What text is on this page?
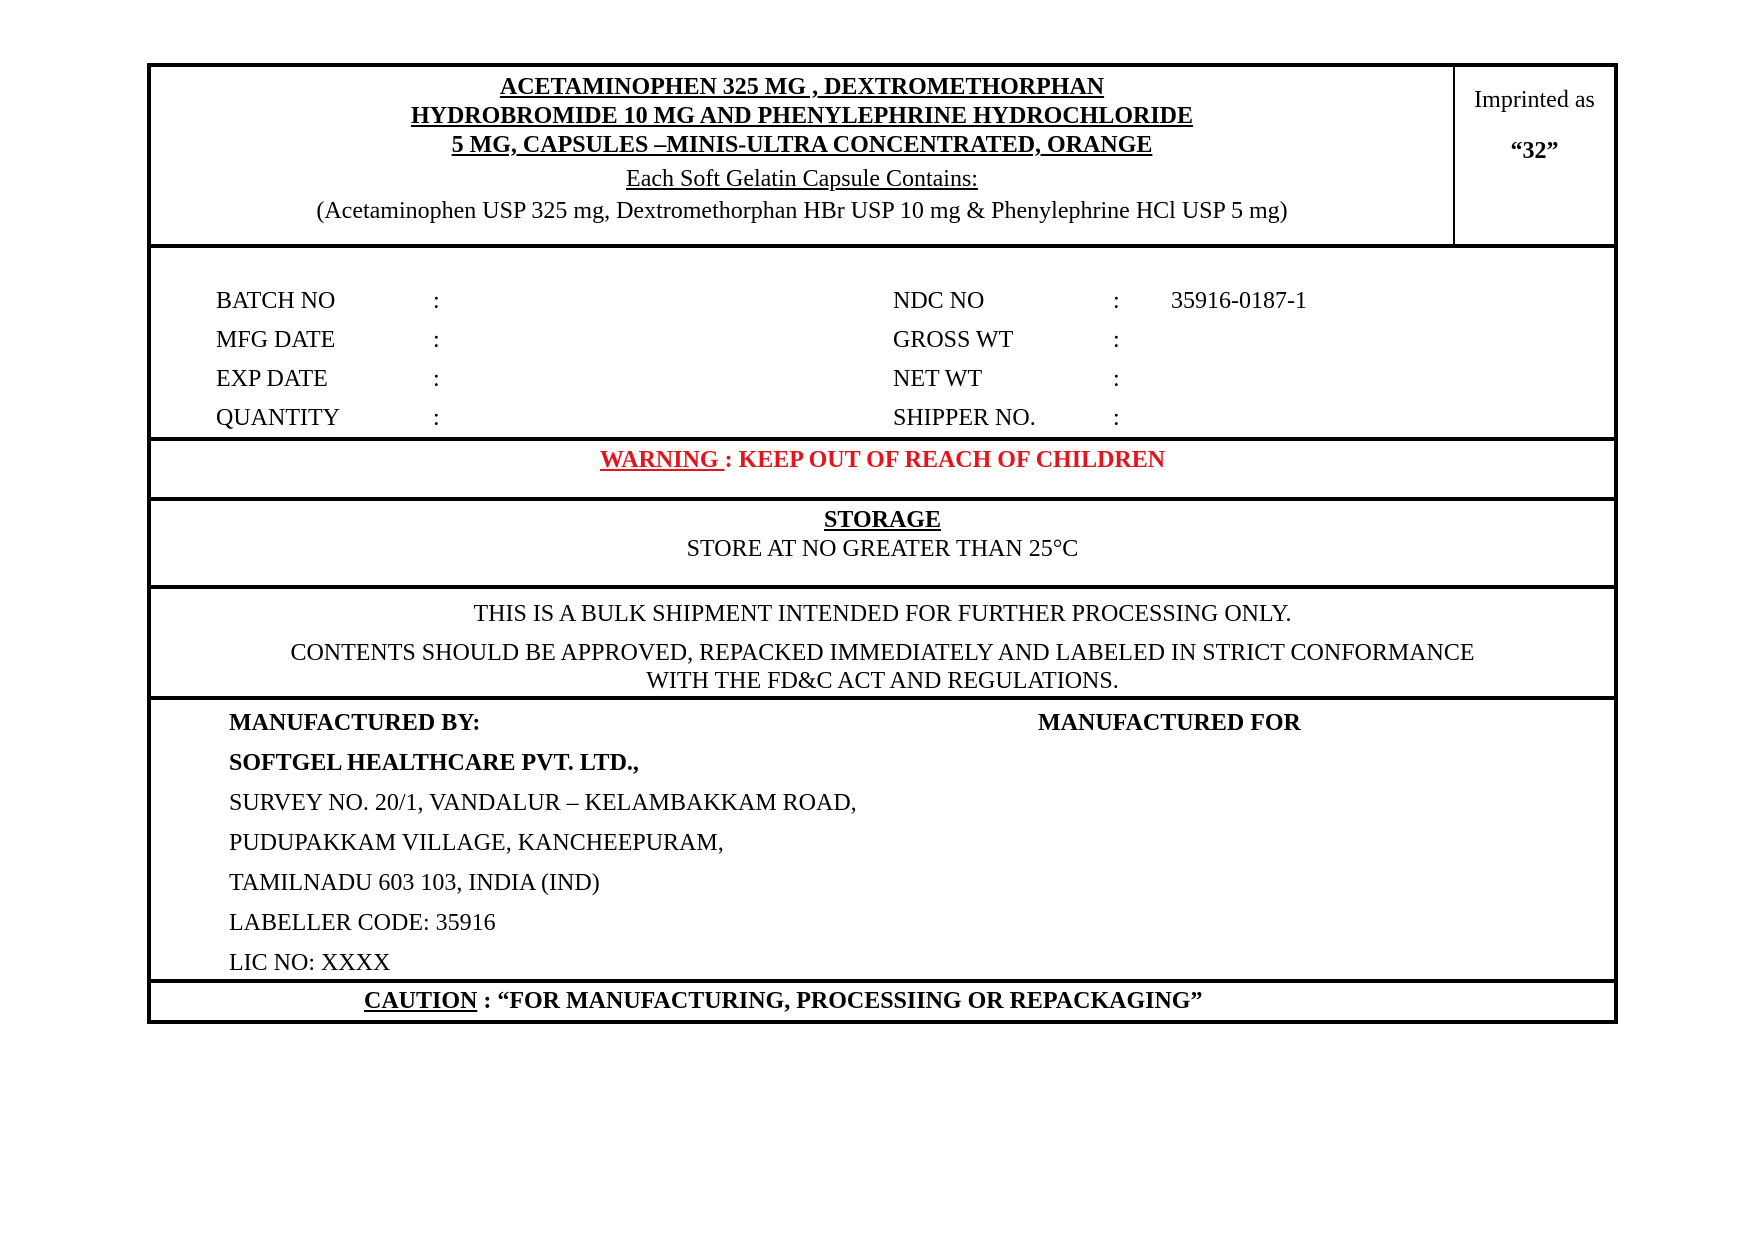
ACETAMINOPHEN 325 MG , DEXTROMETHORPHAN
HYDROBROMIDE 10 MG AND PHENYLEPHRINE HYDROCHLORIDE
5 MG, CAPSULES –MINIS-ULTRA CONCENTRATED, ORANGE
Each Soft Gelatin Capsule Contains:
(Acetaminophen USP 325 mg, Dextromethorphan HBr USP 10 mg & Phenylephrine HCl USP 5 mg)
Imprinted as
“32”
BATCH NO	:
MFG DATE	:
EXP DATE	:
QUANTITY	:
NDC NO	: 35916-0187-1
GROSS WT	:
NET WT	:
SHIPPER NO.	:
WARNING : KEEP OUT OF REACH OF CHILDREN
STORAGE
STORE AT NO GREATER THAN 25°C
THIS IS A BULK SHIPMENT INTENDED FOR FURTHER PROCESSING ONLY.
CONTENTS SHOULD BE APPROVED, REPACKED IMMEDIATELY AND LABELED IN STRICT CONFORMANCE
WITH THE FD&C ACT AND REGULATIONS.
MANUFACTURED BY:
SOFTGEL HEALTHCARE PVT. LTD.,
SURVEY NO. 20/1, VANDALUR – KELAMBAKKAM ROAD,
PUDUPAKKAM VILLAGE, KANCHEEPURAM,
TAMILNADU 603 103, INDIA (IND)
LABELLER CODE: 35916
LIC NO: XXXX
MANUFACTURED FOR
CAUTION : “FOR MANUFACTURING, PROCESSIING OR REPACKAGING”
